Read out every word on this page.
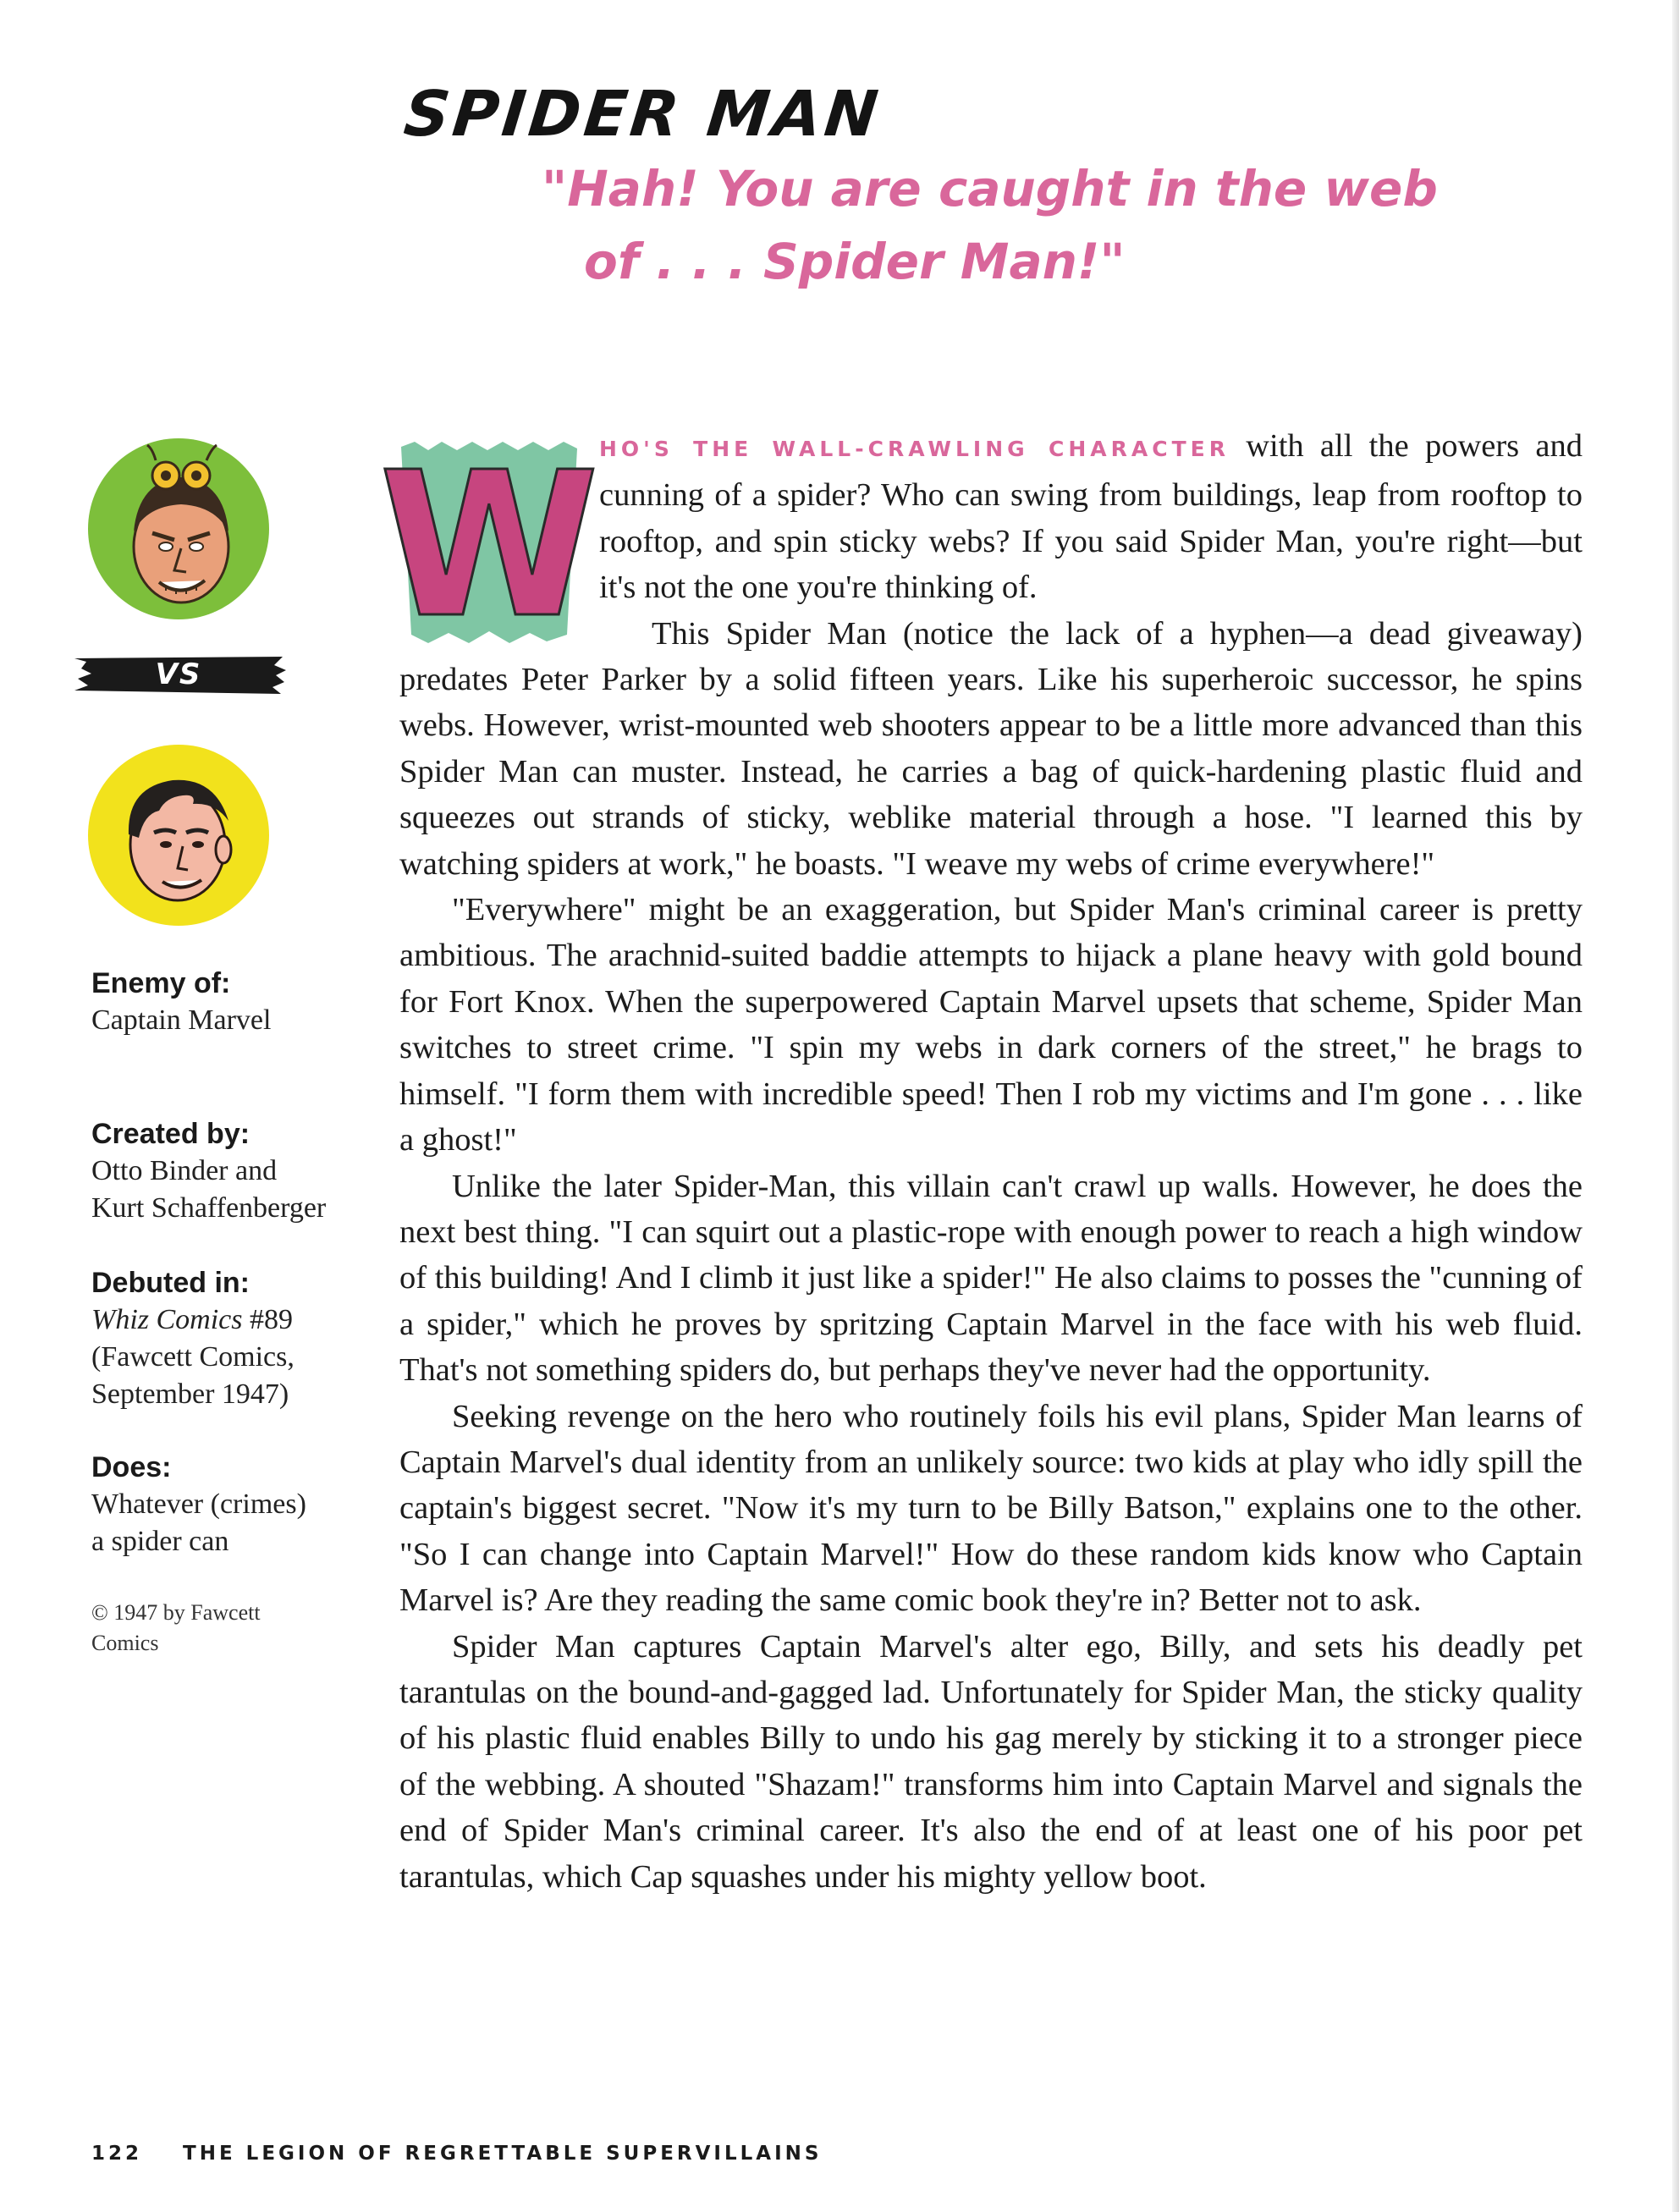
SPIDER MAN
"Hah! You are caught in the web
of . . . Spider Man!"
VS
Enemy of:
Captain Marvel
Created by:
Otto Binder and
Kurt Schaffenberger
Debuted in:
Whiz Comics #89
(Fawcett Comics,
September 1947)
Does:
Whatever (crimes)
a spider can
© 1947 by Fawcett
Comics
W HO'S THE WALL-CRAWLING CHARACTER with all the powers and cunning of a spider? Who can swing from buildings, leap from rooftop to rooftop, and spin sticky webs? If you said Spider Man, you're right—but it's not the one you're thinking of.

This Spider Man (notice the lack of a hyphen—a dead giveaway) predates Peter Parker by a solid fifteen years. Like his superheroic successor, he spins webs. However, wrist-mounted web shooters appear to be a little more advanced than this Spider Man can muster. Instead, he carries a bag of quick-hardening plastic fluid and squeezes out strands of sticky, weblike material through a hose. "I learned this by watching spiders at work," he boasts. "I weave my webs of crime everywhere!"

"Everywhere" might be an exaggeration, but Spider Man's criminal career is pretty ambitious. The arachnid-suited baddie attempts to hijack a plane heavy with gold bound for Fort Knox. When the superpowered Captain Marvel upsets that scheme, Spider Man switches to street crime. "I spin my webs in dark corners of the street," he brags to himself. "I form them with incredible speed! Then I rob my victims and I'm gone . . . like a ghost!"

Unlike the later Spider-Man, this villain can't crawl up walls. However, he does the next best thing. "I can squirt out a plastic-rope with enough power to reach a high window of this building! And I climb it just like a spider!" He also claims to posses the "cunning of a spider," which he proves by spritzing Captain Marvel in the face with his web fluid. That's not something spiders do, but perhaps they've never had the opportunity.

Seeking revenge on the hero who routinely foils his evil plans, Spider Man learns of Captain Marvel's dual identity from an unlikely source: two kids at play who idly spill the captain's biggest secret. "Now it's my turn to be Billy Batson," explains one to the other. "So I can change into Captain Marvel!" How do these random kids know who Captain Marvel is? Are they reading the same comic book they're in? Better not to ask.

Spider Man captures Captain Marvel's alter ego, Billy, and sets his deadly pet tarantulas on the bound-and-gagged lad. Unfortunately for Spider Man, the sticky quality of his plastic fluid enables Billy to undo his gag merely by sticking it to a stronger piece of the webbing. A shouted "Shazam!" transforms him into Captain Marvel and signals the end of Spider Man's criminal career. It's also the end of at least one of his poor pet tarantulas, which Cap squashes under his mighty yellow boot.

122 THE LEGION OF REGRETTABLE SUPERVILLAINS
